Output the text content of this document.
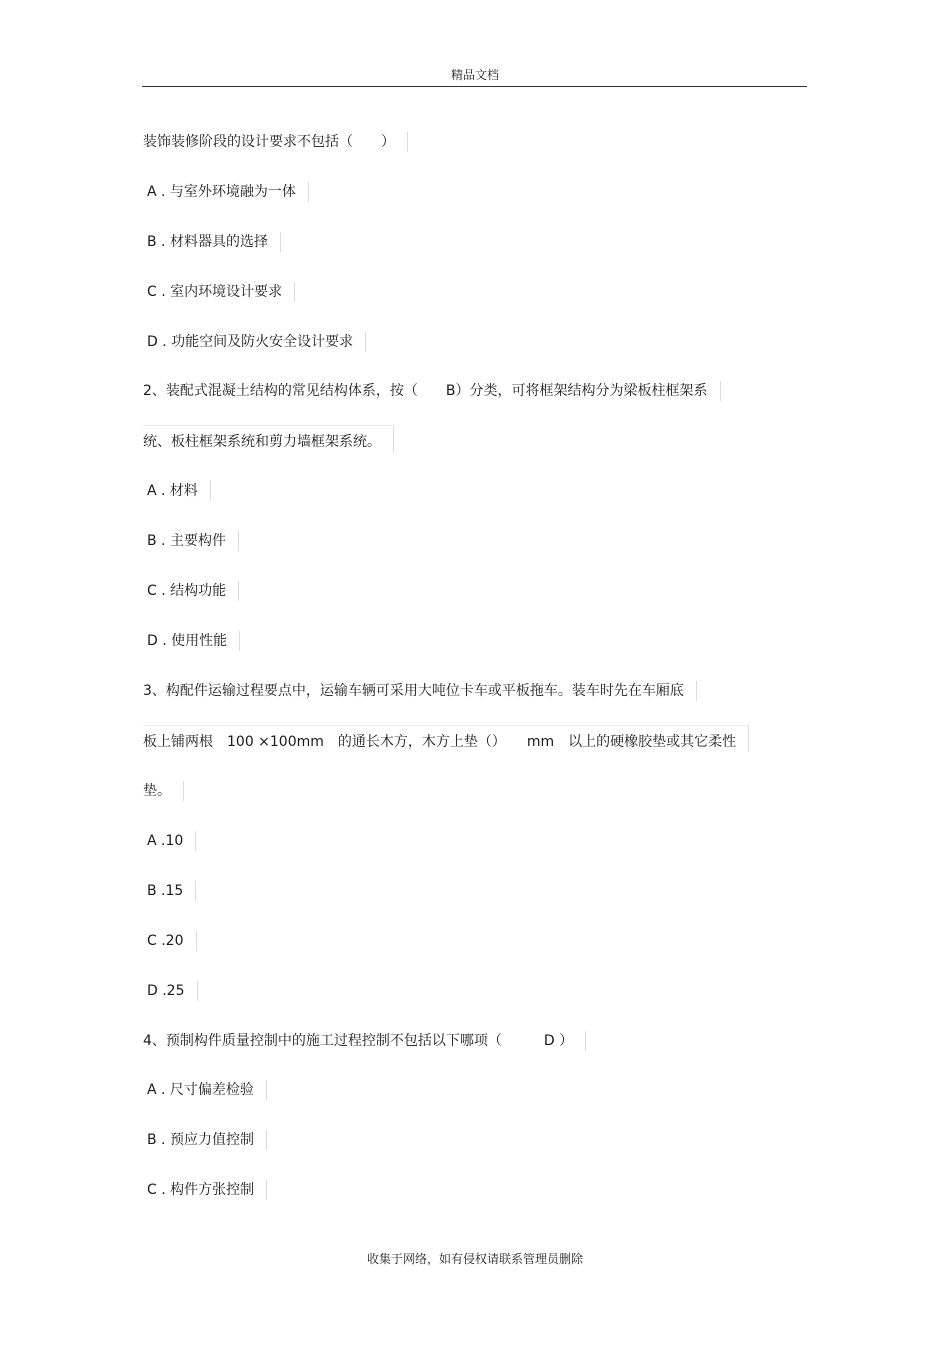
精品文档
装饰装修阶段的设计要求不包括（　　）
A . 与室外环境融为一体
B . 材料器具的选择
C . 室内环境设计要求
D . 功能空间及防火安全设计要求
2、装配式混凝土结构的常见结构体系，按（　　B）分类，可将框架结构分为梁板柱框架系
统、板柱框架系统和剪力墙框架系统。
A . 材料
B . 主要构件
C . 结构功能
D . 使用性能
3、构配件运输过程要点中，运输车辆可采用大吨位卡车或平板拖车。装车时先在车厢底
板上铺两根　100 ×100mm　的通长木方，木方上垫（）　　mm　以上的硬橡胶垫或其它柔性
垫。
A .10
B .15
C .20
D .25
4、预制构件质量控制中的施工过程控制不包括以下哪项（　　　D ）
A . 尺寸偏差检验
B . 预应力值控制
C . 构件方张控制
收集于网络，如有侵权请联系管理员删除
